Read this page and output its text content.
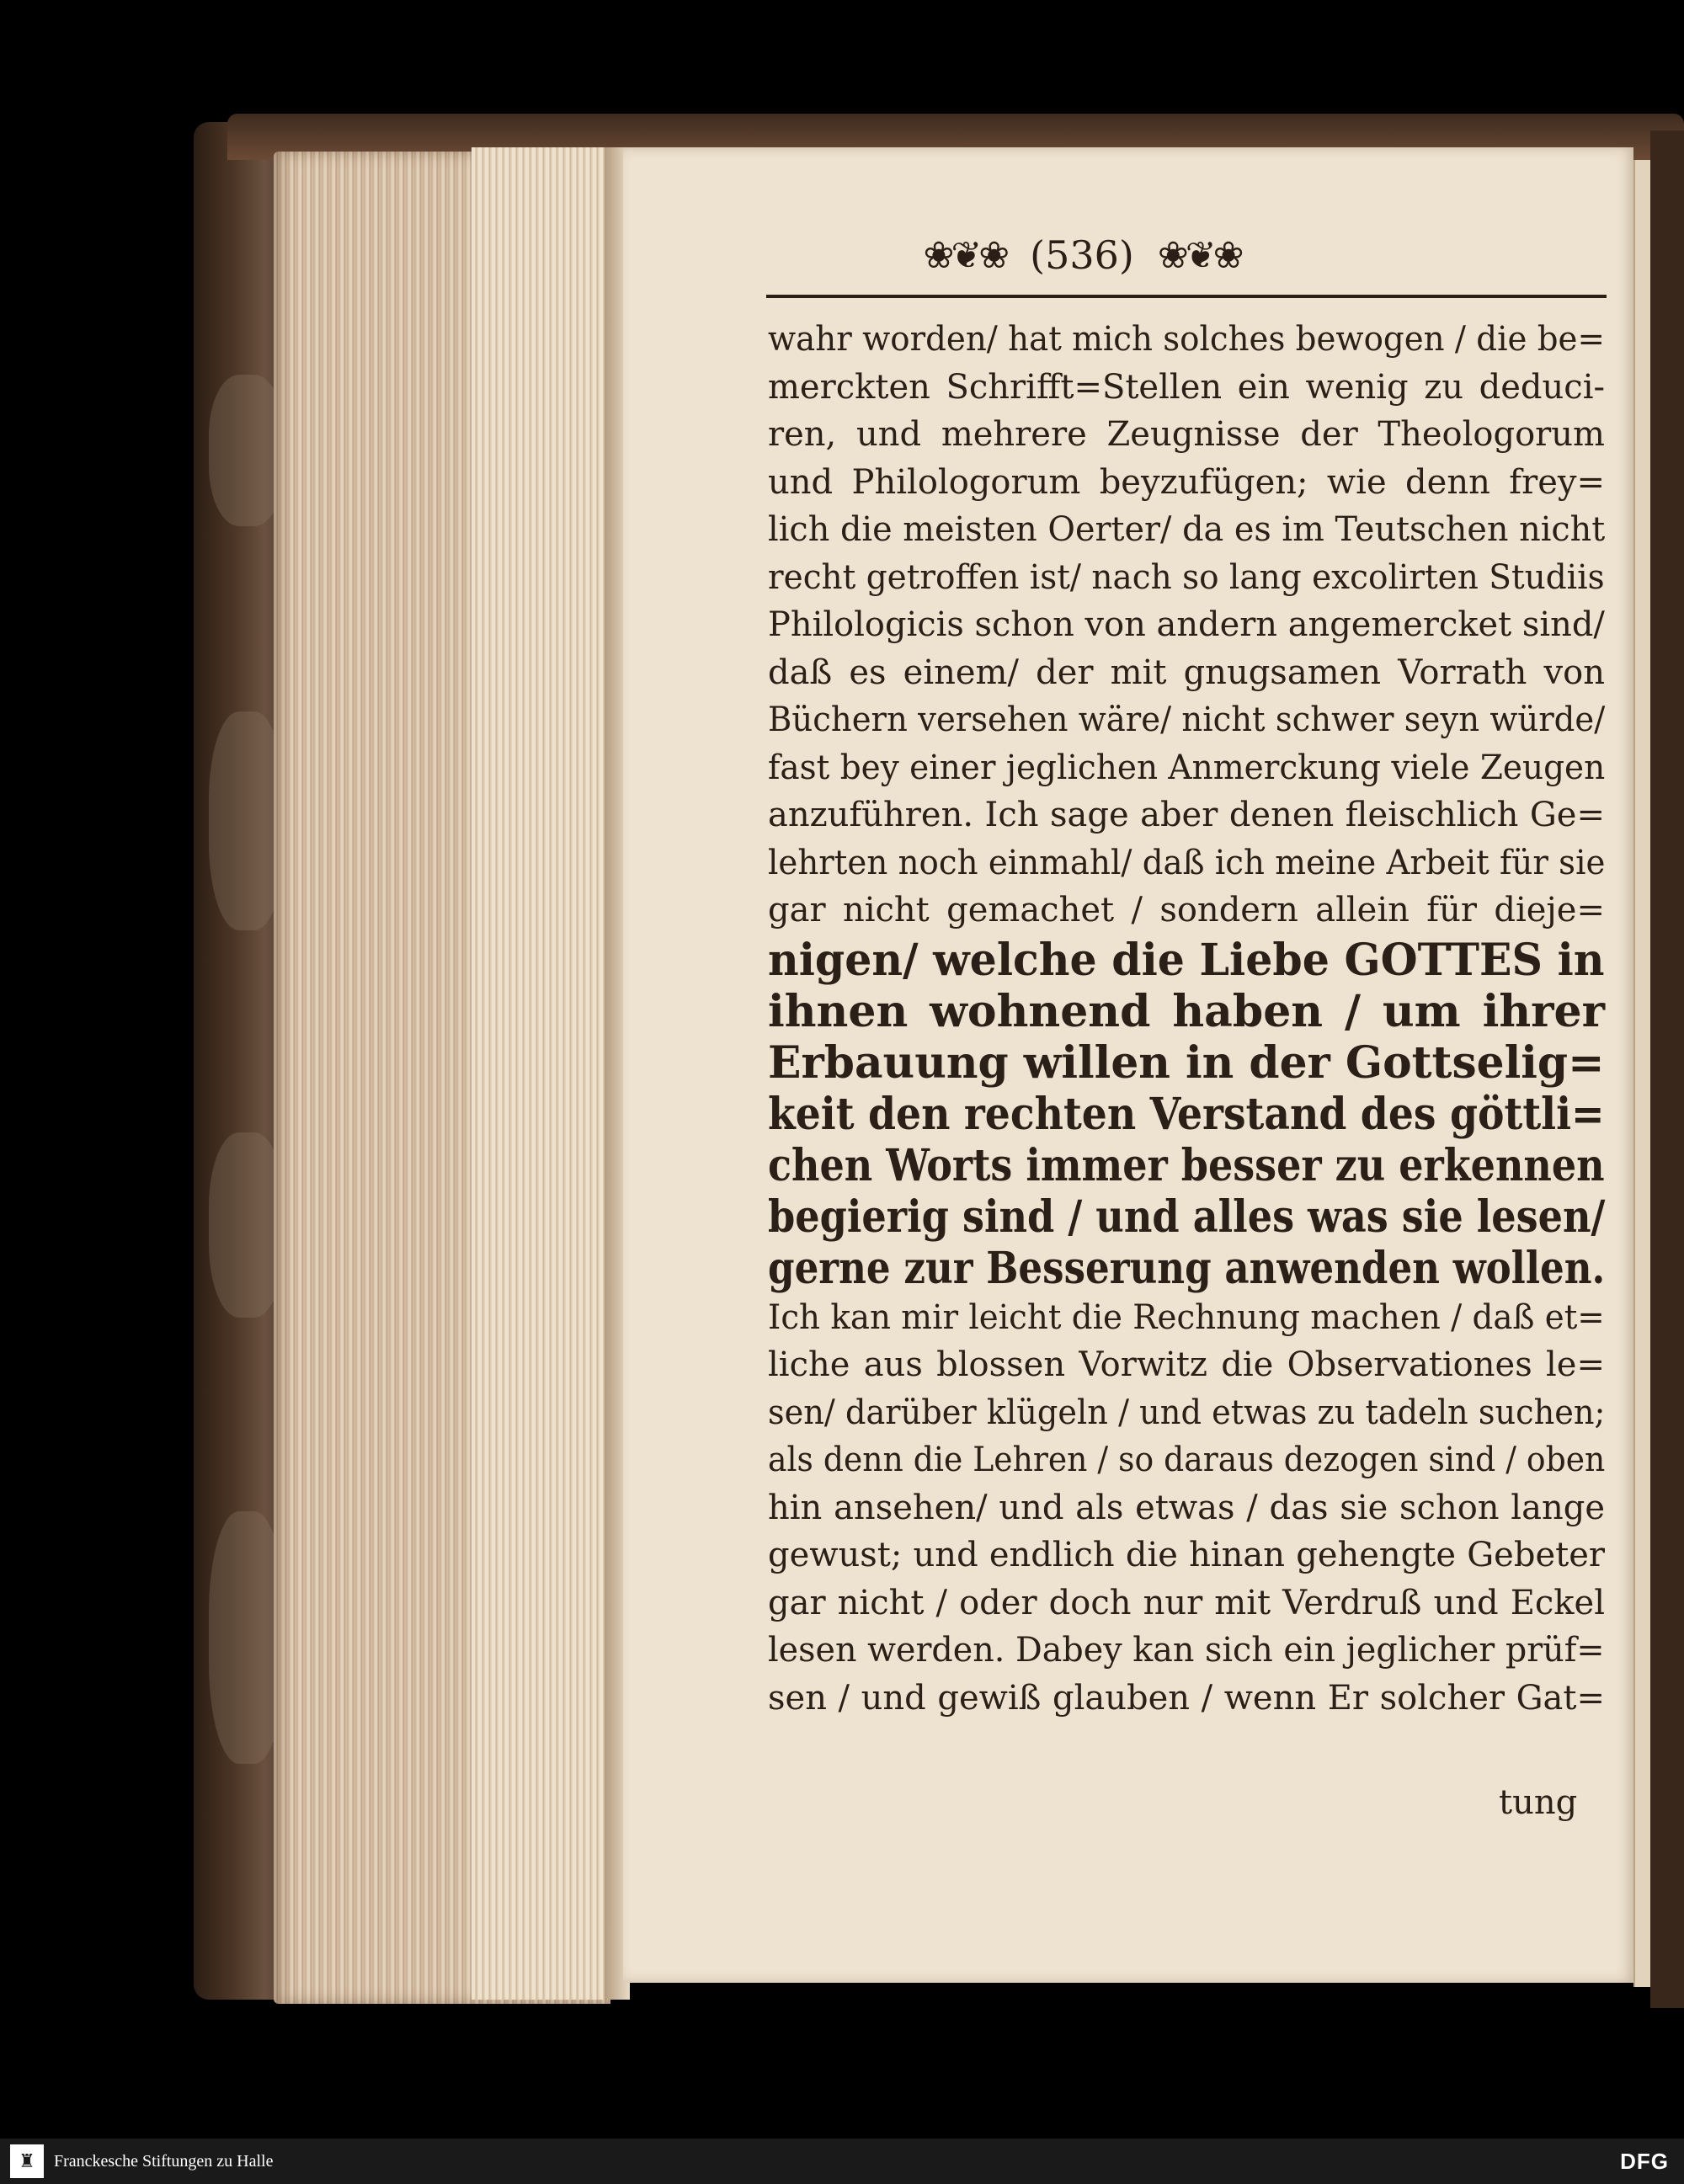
❀❦❀ (536) ❀❦❀
wahr worden/ hat mich solches bewogen / die be=
merckten Schrifft=Stellen ein wenig zu deduci-
ren, und mehrere Zeugnisse der Theologorum
und Philologorum beyzufügen; wie denn frey=
lich die meisten Oerter/ da es im Teutschen nicht
recht getroffen ist/ nach so lang excolirten Studiis
Philologicis schon von andern angemercket sind/
daß es einem/ der mit gnugsamen Vorrath von
Büchern versehen wäre/ nicht schwer seyn würde/
fast bey einer jeglichen Anmerckung viele Zeugen
anzuführen. Ich sage aber denen fleischlich Ge=
lehrten noch einmahl/ daß ich meine Arbeit für sie
gar nicht gemachet / sondern allein für dieje=
nigen/ welche die Liebe GOTTES in
ihnen wohnend haben / um ihrer
Erbauung willen in der Gottselig=
keit den rechten Verstand des göttli=
chen Worts immer besser zu erkennen
begierig sind / und alles was sie lesen/
gerne zur Besserung anwenden wollen.
Ich kan mir leicht die Rechnung machen / daß et=
liche aus blossen Vorwitz die Observationes le=
sen/ darüber klügeln / und etwas zu tadeln suchen;
als denn die Lehren / so daraus dezogen sind / oben
hin ansehen/ und als etwas / das sie schon lange
gewust; und endlich die hinan gehengte Gebeter
gar nicht / oder doch nur mit Verdruß und Eckel
lesen werden. Dabey kan sich ein jeglicher prüf=
sen / und gewiß glauben / wenn Er solcher Gat=
tung
♜	Franckesche Stiftungen zu Halle	DFG
